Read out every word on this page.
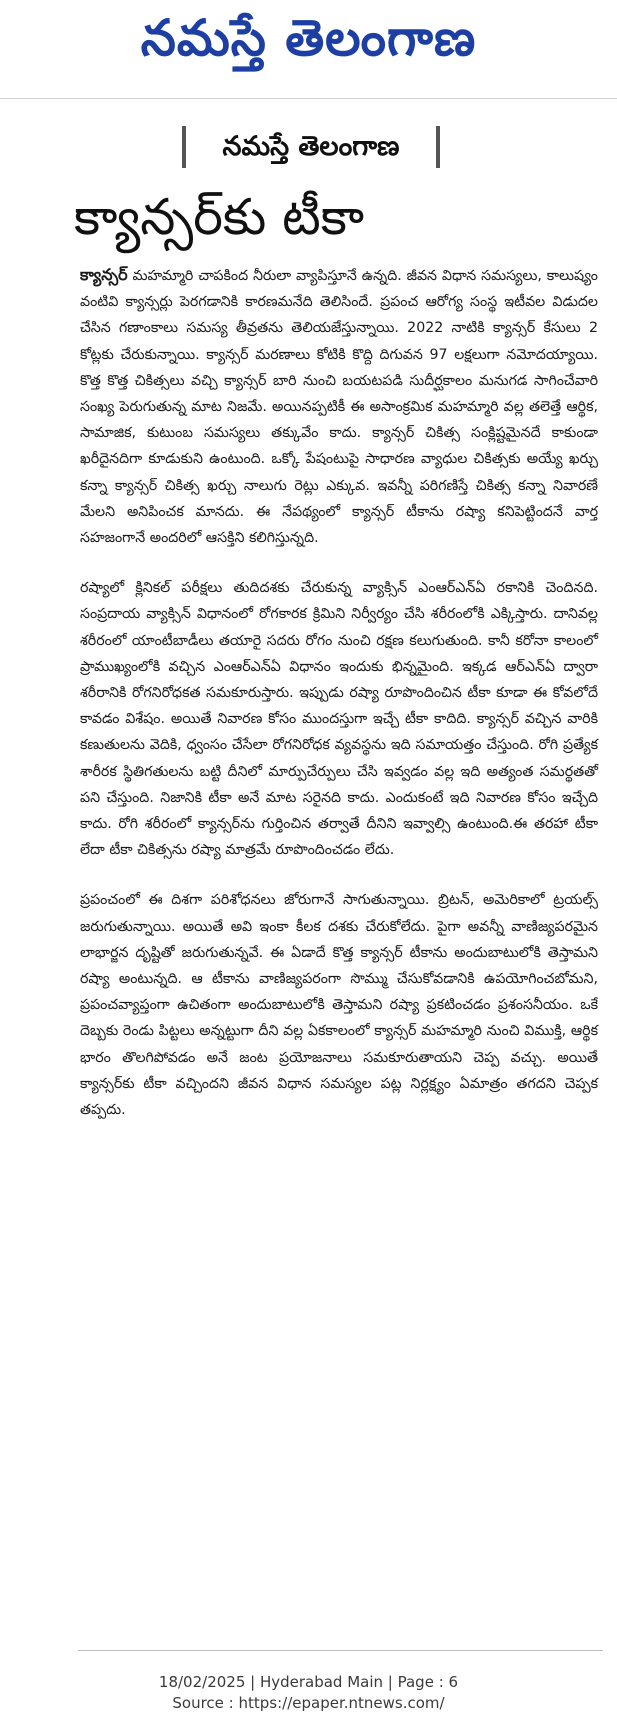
నమస్తే తెలంగాణ
నమస్తే తెలంగాణ
క్యాన్సర్‌కు టీకా

క్యాన్సర్ మహమ్మారి చాపకింద నీరులా వ్యాపిస్తూనే ఉన్నది. జీవన విధాన సమస్యలు, కాలుష్యం వంటివి క్యాన్సర్లు పెరగడానికి కారణమనేది తెలిసిందే. ప్రపంచ ఆరోగ్య సంస్థ ఇటీవల విడుదల చేసిన గణాంకాలు సమస్య తీవ్రతను తెలియజేస్తున్నాయి. 2022 నాటికి క్యాన్సర్ కేసులు 2 కోట్లకు చేరుకున్నాయి. క్యాన్సర్ మరణాలు కోటికి కొద్ది దిగువన 97 లక్షలుగా నమోదయ్యాయి. కొత్త కొత్త చికిత్సలు వచ్చి క్యాన్సర్ బారి నుంచి బయటపడి సుదీర్ఘకాలం మనుగడ సాగించేవారి సంఖ్య పెరుగుతున్న మాట నిజమే. అయినప్పటికీ ఈ అసాంక్రమిక మహమ్మారి వల్ల తలెత్తే ఆర్థిక, సామాజిక, కుటుంబ సమస్యలు తక్కువేం కాదు. క్యాన్సర్ చికిత్స సంక్లిష్టమైనదే కాకుండా ఖరీదైనదిగా కూడుకుని ఉంటుంది. ఒక్కో పేషంటుపై సాధారణ వ్యాధుల చికిత్సకు అయ్యే ఖర్చు కన్నా క్యాన్సర్ చికిత్స ఖర్చు నాలుగు రెట్లు ఎక్కువ. ఇవన్నీ పరిగణిస్తే చికిత్స కన్నా నివారణే మేలని అనిపించక మానదు. ఈ నేపథ్యంలో క్యాన్సర్ టీకాను రష్యా కనిపెట్టిందనే వార్త సహజంగానే అందరిలో ఆసక్తిని కలిగిస్తున్నది.

రష్యాలో క్లినికల్ పరీక్షలు తుదిదశకు చేరుకున్న వ్యాక్సిన్ ఎంఆర్ఎన్ఏ రకానికి చెందినది. సంప్రదాయ వ్యాక్సిన్ విధానంలో రోగకారక క్రిమిని నిర్వీర్యం చేసి శరీరంలోకి ఎక్కిస్తారు. దానివల్ల శరీరంలో యాంటీబాడీలు తయారై సదరు రోగం నుంచి రక్షణ కలుగుతుంది. కానీ కరోనా కాలంలో ప్రాముఖ్యంలోకి వచ్చిన ఎంఆర్ఎన్ఏ విధానం ఇందుకు భిన్నమైంది. ఇక్కడ ఆర్ఎన్ఏ ద్వారా శరీరానికి రోగనిరోధకత సమకూరుస్తారు. ఇప్పుడు రష్యా రూపొందించిన టీకా కూడా ఈ కోవలోదే కావడం విశేషం. అయితే నివారణ కోసం ముందస్తుగా ఇచ్చే టీకా కాదిది. క్యాన్సర్ వచ్చిన వారికి కణుతులను వెదికి, ధ్వంసం చేసేలా రోగనిరోధక వ్యవస్థను ఇది సమాయత్తం చేస్తుంది. రోగి ప్రత్యేక శారీరక స్థితిగతులను బట్టి దీనిలో మార్పుచేర్పులు చేసి ఇవ్వడం వల్ల ఇది అత్యంత సమర్థతతో పని చేస్తుంది. నిజానికి టీకా అనే మాట సరైనది కాదు. ఎందుకంటే ఇది నివారణ కోసం ఇచ్చేది కాదు. రోగి శరీరంలో క్యాన్సర్‌ను గుర్తించిన తర్వాతే దీనిని ఇవ్వాల్సి ఉంటుంది.ఈ తరహా టీకా లేదా టీకా చికిత్సను రష్యా మాత్రమే రూపొందించడం లేదు.

ప్రపంచంలో ఈ దిశగా పరిశోధనలు జోరుగానే సాగుతున్నాయి. బ్రిటన్, అమెరికాలో ట్రయల్స్ జరుగుతున్నాయి. అయితే అవి ఇంకా కీలక దశకు చేరుకోలేదు. పైగా అవన్నీ వాణిజ్యపరమైన లాభార్జన దృష్టితో జరుగుతున్నవే. ఈ ఏడాదే కొత్త క్యాన్సర్ టీకాను అందుబాటులోకి తెస్తామని రష్యా అంటున్నది. ఆ టీకాను వాణిజ్యపరంగా సొమ్ము చేసుకోవడానికి ఉపయోగించబోమని, ప్రపంచవ్యాప్తంగా ఉచితంగా అందుబాటులోకి తెస్తామని రష్యా ప్రకటించడం ప్రశంసనీయం. ఒకే దెబ్బకు రెండు పిట్టలు అన్నట్టుగా దీని వల్ల ఏకకాలంలో క్యాన్సర్ మహమ్మారి నుంచి విముక్తి, ఆర్థిక భారం తొలగిపోవడం అనే జంట ప్రయోజనాలు సమకూరుతాయని చెప్ప వచ్చు. అయితే క్యాన్సర్‌కు టీకా వచ్చిందని జీవన విధాన సమస్యల పట్ల నిర్లక్ష్యం ఏమాత్రం తగదని చెప్పక తప్పదు.

18/02/2025 | Hyderabad Main | Page : 6
Source : https://epaper.ntnews.com/
